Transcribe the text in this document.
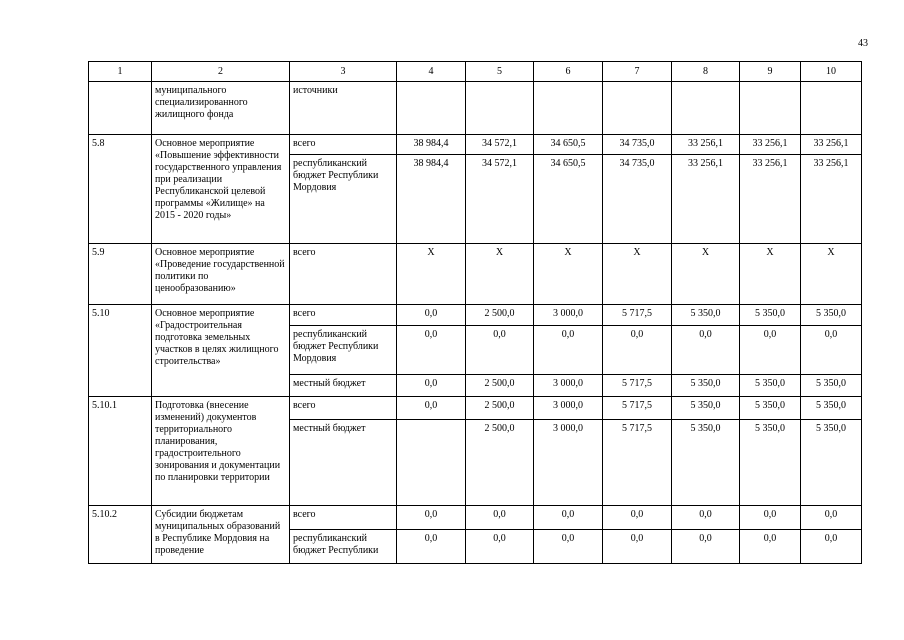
43
1	2	3	4	5	6	7	8	9	10
	муниципального специализированного жилищного фонда	источники							
5.8	Основное мероприятие «Повышение эффективности государственного управления при реализации Республиканской целевой программы «Жилище» на 2015 - 2020 годы»	всего	38 984,4	34 572,1	34 650,5	34 735,0	33 256,1	33 256,1	33 256,1
		республиканский бюджет Республики Мордовия	38 984,4	34 572,1	34 650,5	34 735,0	33 256,1	33 256,1	33 256,1
5.9	Основное мероприятие «Проведение государственной политики по ценообразованию»	всего	Х	Х	Х	Х	Х	Х	Х
5.10	Основное мероприятие «Градостроительная подготовка земельных участков в целях жилищного строительства»	всего	0,0	2 500,0	3 000,0	5 717,5	5 350,0	5 350,0	5 350,0
		республиканский бюджет Республики Мордовия	0,0	0,0	0,0	0,0	0,0	0,0	0,0
		местный бюджет	0,0	2 500,0	3 000,0	5 717,5	5 350,0	5 350,0	5 350,0
5.10.1	Подготовка (внесение изменений) документов территориального планирования, градостроительного зонирования и документации по планировки территории	всего	0,0	2 500,0	3 000,0	5 717,5	5 350,0	5 350,0	5 350,0
		местный бюджет		2 500,0	3 000,0	5 717,5	5 350,0	5 350,0	5 350,0
5.10.2	Субсидии бюджетам муниципальных образований в Республике Мордовия на проведение	всего	0,0	0,0	0,0	0,0	0,0	0,0	0,0
		республиканский бюджет Республики	0,0	0,0	0,0	0,0	0,0	0,0	0,0
